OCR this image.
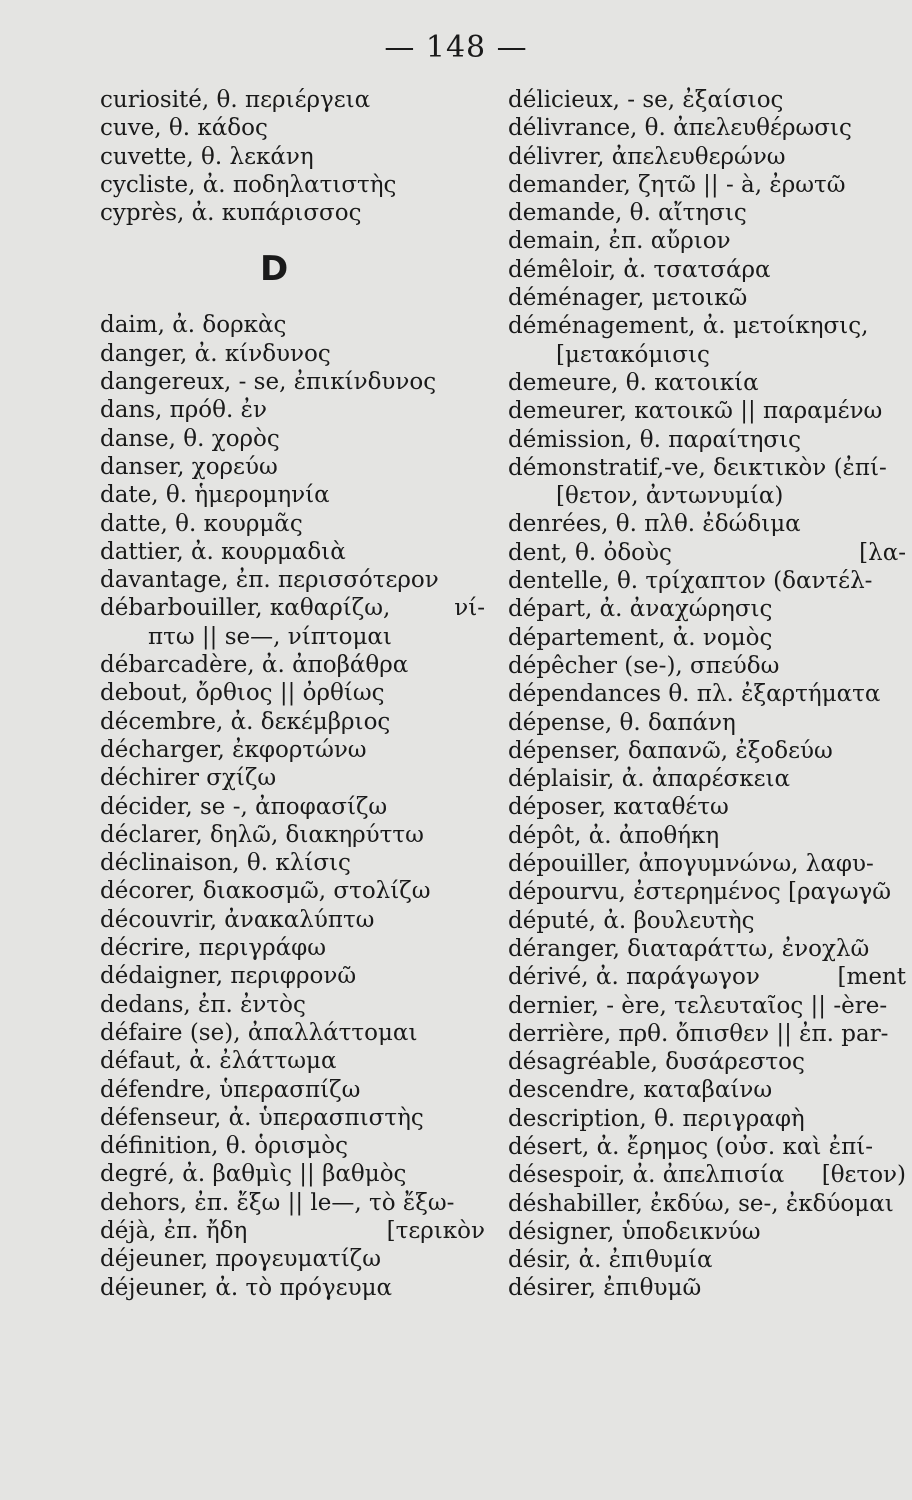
— 148 —
curiosité, θ. περιέργεια
cuve, θ. κάδος
cuvette, θ. λεκάνη
cycliste, ἀ. ποδηλατιστὴς
cyprès, ἀ. κυπάρισσος
D
daim, ἀ. δορκὰς
danger, ἀ. κίνδυνος
dangereux, - se, ἐπικίνδυνος
dans, πρόθ. ἐν
danse, θ. χορὸς
danser, χορεύω
date, θ. ἡμερομηνία
datte, θ. κουρμᾶς
dattier, ἀ. κουρμαδιὰ
davantage, ἐπ. περισσότερον
débarbouiller, καθαρίζω,	νί-
πτω || se—, νίπτομαι
débarcadère, ἀ. ἀποβάθρα
debout, ὄρθιος || ὀρθίως
décembre, ἀ. δεκέμβριος
décharger, ἐκφορτώνω
déchirer σχίζω
décider, se -, ἀποφασίζω
déclarer, δηλῶ, διακηρύττω
déclinaison, θ. κλίσις
décorer, διακοσμῶ, στολίζω
découvrir, ἀνακαλύπτω
décrire, περιγράφω
dédaigner, περιφρονῶ
dedans, ἐπ. ἐντὸς
défaire (se), ἀπαλλάττομαι
défaut, ἀ. ἐλάττωμα
défendre, ὑπερασπίζω
défenseur, ἀ. ὑπερασπιστὴς
définition, θ. ὁρισμὸς
degré, ἀ. βαθμὶς || βαθμὸς
dehors, ἐπ. ἔξω || le—, τὸ ἔξω-
déjà, ἐπ. ἤδη	[τερικὸν
déjeuner, προγευματίζω
déjeuner, ἀ. τὸ πρόγευμα
délicieux, - se, ἐξαίσιος
délivrance, θ. ἀπελευθέρωσις
délivrer, ἀπελευθερώνω
demander, ζητῶ || - à, ἐρωτῶ
demande, θ. αἴτησις
demain, ἐπ. αὔριον
démêloir, ἀ. τσατσάρα
déménager, μετοικῶ
déménagement, ἀ. μετοίκησις,
[μετακόμισις
demeure, θ. κατοικία
demeurer, κατοικῶ || παραμένω
démission, θ. παραίτησις
démonstratif,-ve, δεικτικὸν (ἐπί-
[θετον, ἀντωνυμία)
denrées, θ. πλθ. ἐδώδιμα
dent, θ. ὀδοὺς	[λα-
dentelle, θ. τρίχαπτον (δαντέλ-
départ, ἀ. ἀναχώρησις
département, ἀ. νομὸς
dépêcher (se-), σπεύδω
dépendances θ. πλ. ἐξαρτήματα
dépense, θ. δαπάνη
dépenser, δαπανῶ, ἐξοδεύω
déplaisir, ἀ. ἀπαρέσκεια
déposer, καταθέτω
dépôt, ἀ. ἀποθήκη
dépouiller, ἀπογυμνώνω, λαφυ-
dépourvu, ἐστερημένος [ραγωγῶ
député, ἀ. βουλευτὴς
déranger, διαταράττω, ἐνοχλῶ
dérivé, ἀ. παράγωγον	[ment
dernier, - ère, τελευταῖος || -ère-
derrière, πρθ. ὄπισθεν || ἐπ. par-
désagréable, δυσάρεστος
descendre, καταβαίνω
description, θ. περιγραφὴ
désert, ἀ. ἔρημος (οὐσ. καὶ ἐπί-
désespoir, ἀ. ἀπελπισία	[θετον)
déshabiller, ἐκδύω, se-, ἐκδύομαι
désigner, ὑποδεικνύω
désir, ἀ. ἐπιθυμία
désirer, ἐπιθυμῶ
